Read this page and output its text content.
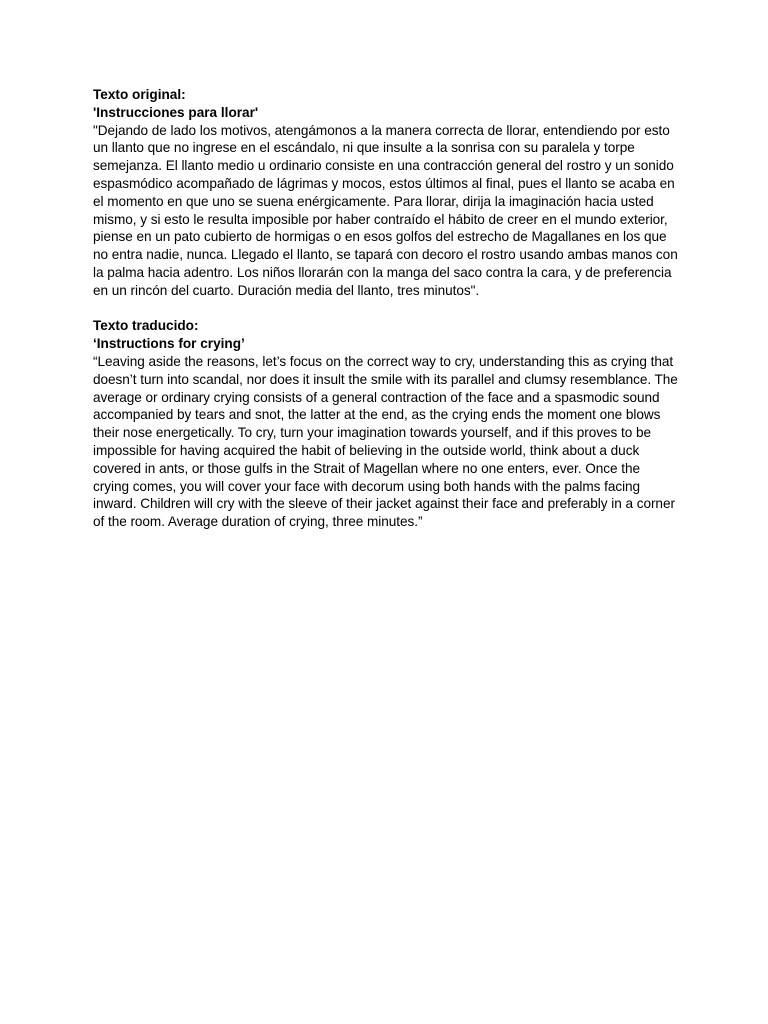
Texto original:
'Instrucciones para llorar'
"Dejando de lado los motivos, atengámonos a la manera correcta de llorar, entendiendo por esto un llanto que no ingrese en el escándalo, ni que insulte a la sonrisa con su paralela y torpe semejanza. El llanto medio u ordinario consiste en una contracción general del rostro y un sonido espasmódico acompañado de lágrimas y mocos, estos últimos al final, pues el llanto se acaba en el momento en que uno se suena enérgicamente. Para llorar, dirija la imaginación hacia usted mismo, y si esto le resulta imposible por haber contraído el hábito de creer en el mundo exterior, piense en un pato cubierto de hormigas o en esos golfos del estrecho de Magallanes en los que no entra nadie, nunca. Llegado el llanto, se tapará con decoro el rostro usando ambas manos con la palma hacia adentro. Los niños llorarán con la manga del saco contra la cara, y de preferencia en un rincón del cuarto. Duración media del llanto, tres minutos".
Texto traducido:
‘Instructions for crying’
“Leaving aside the reasons, let’s focus on the correct way to cry, understanding this as crying that doesn’t turn into scandal, nor does it insult the smile with its parallel and clumsy resemblance. The average or ordinary crying consists of a general contraction of the face and a spasmodic sound accompanied by tears and snot, the latter at the end, as the crying ends the moment one blows their nose energetically. To cry, turn your imagination towards yourself, and if this proves to be impossible for having acquired the habit of believing in the outside world, think about a duck covered in ants, or those gulfs in the Strait of Magellan where no one enters, ever. Once the crying comes, you will cover your face with decorum using both hands with the palms facing inward. Children will cry with the sleeve of their jacket against their face and preferably in a corner of the room. Average duration of crying, three minutes.”
